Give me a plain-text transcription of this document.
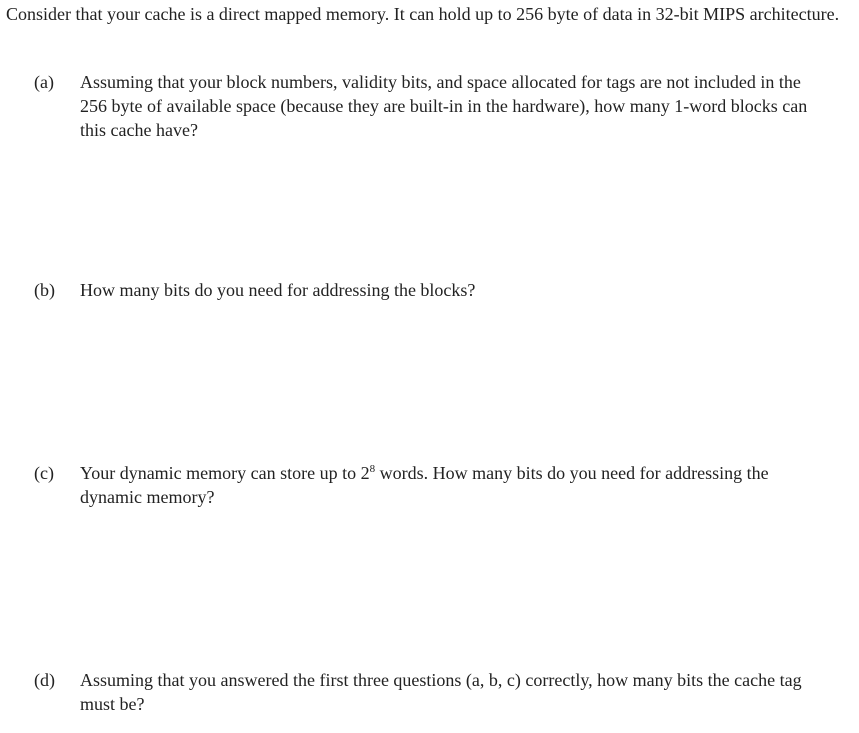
Consider that your cache is a direct mapped memory. It can hold up to 256 byte of data in 32-bit MIPS architecture.

(a)	Assuming that your block numbers, validity bits, and space allocated for tags are not included in the 256 byte of available space (because they are built-in in the hardware), how many 1-word blocks can this cache have?
(b)	How many bits do you need for addressing the blocks?
(c)	Your dynamic memory can store up to $2^8$ words. How many bits do you need for addressing the dynamic memory?
(d)	Assuming that you answered the first three questions (a, b, c) correctly, how many bits the cache tag must be?
